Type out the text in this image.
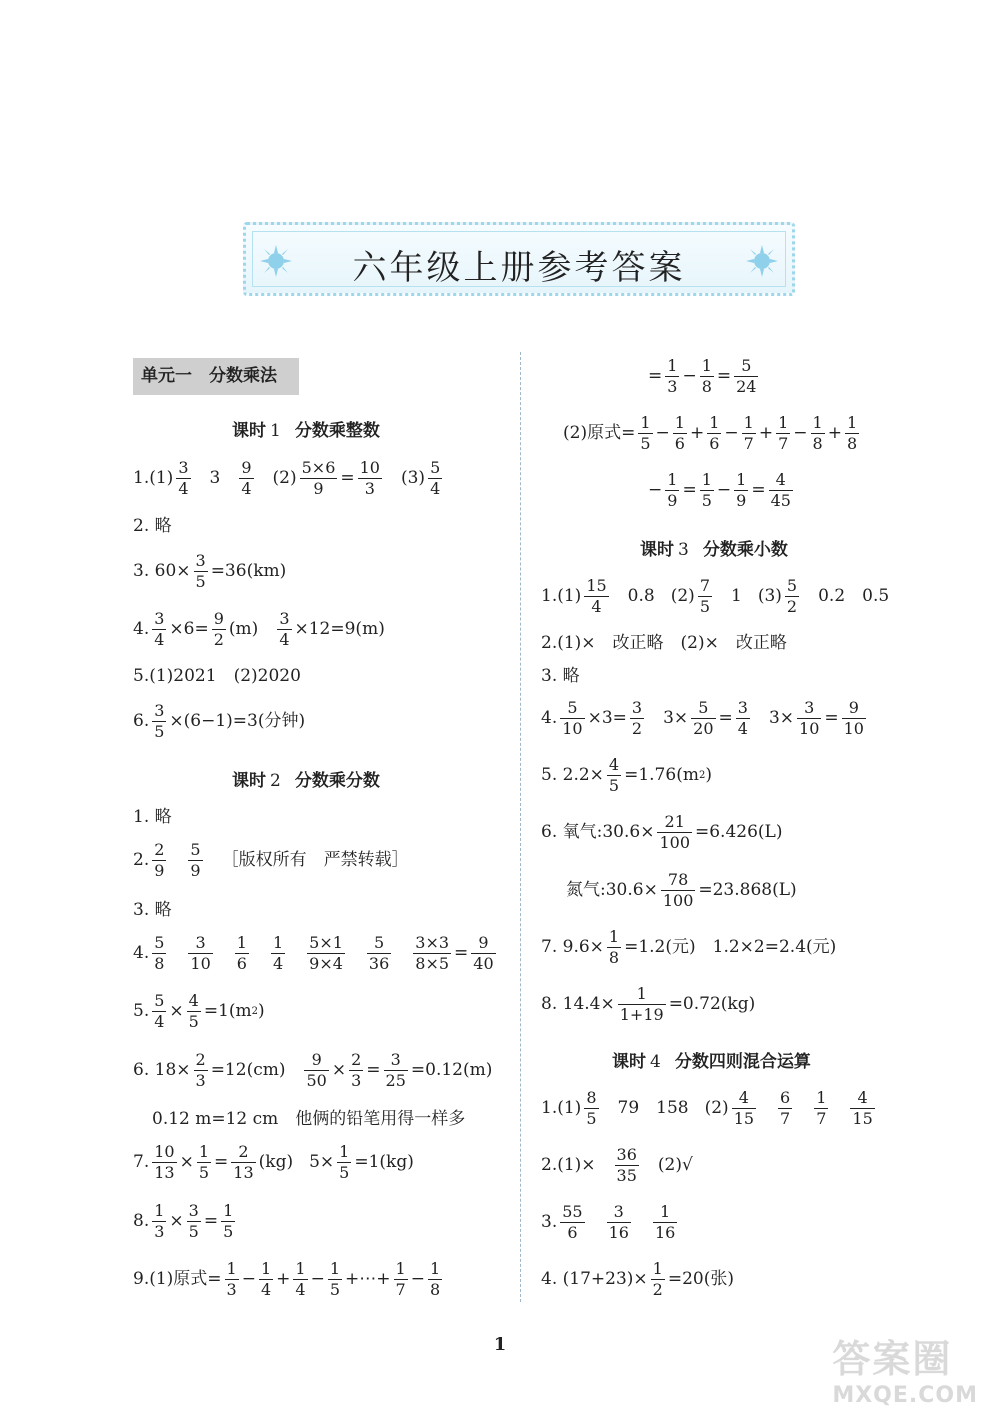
六年级上册参考答案
单元一　分数乘法
课时 1 分数乘整数
$1.(1) \frac{3}{4} 3 \frac{9}{4} (2) \frac{5\times 6}{9} = \frac{10}{3} (3) \frac{5}{4}$
2. 略
3. $60\times \frac{3}{5} =36(km)$
4. $\frac{3}{4} \times 6= \frac{9}{2} (m) \frac{3}{4} \times 12=9(m)$
5.(1)2021　(2)2020
6. $\frac{3}{5} \times(6-1)=3$(分钟)
课时 2 分数乘分数
1. 略
2. $\frac{2}{9} \frac{5}{9}$ ［版权所有　严禁转载］
3. 略
4. $\frac{5}{8} \frac{3}{10} \frac{1}{6} \frac{1}{4} \frac{5\times 1}{9\times 4} \frac{5}{36} \frac{3\times 3}{8\times 5} = \frac{9}{40}$
5. $\frac{5}{4} \times \frac{4}{5} =1(m$ 2 )
6. $18\times \frac{2}{3} =12(cm) \frac{9}{50} \times \frac{2}{3} = \frac{3}{25} =0.12(m)$
0.12 m=12 cm　他俩的铅笔用得一样多
7. $\frac{10}{13} \times \frac{1}{5} = \frac{2}{13} (kg)$ $5\times \frac{1}{5} =1(kg)$
8. $\frac{1}{3} \times \frac{3}{5} = \frac{1}{5}$
9.(1)原式= $\frac{1}{3} - \frac{1}{4} + \frac{1}{4} - \frac{1}{5}$ +⋯+ $\frac{1}{7} - \frac{1}{8}$
= $\frac{1}{3} - \frac{1}{8} = \frac{5}{24}$
(2)原式= $\frac{1}{5} - \frac{1}{6} + \frac{1}{6} - \frac{1}{7} + \frac{1}{7} - \frac{1}{8} + \frac{1}{8}$
− $\frac{1}{9} = \frac{1}{5} - \frac{1}{9} = \frac{4}{45}$
课时 3 分数乘小数
$1.(1) \frac{15}{4} 0.8$ $(2) \frac{7}{5} 1$ $(3) \frac{5}{2} 0.2$　0.5
2.(1)×　改正略　(2)×　改正略
3. 略
4. $\frac{5}{10} \times 3= \frac{3}{2} 3\times \frac{5}{20} = \frac{3}{4} 3\times \frac{3}{10} = \frac{9}{10}$
5. $2.2\times \frac{4}{5} =1.76(m$ 2 )
6. 氧气:30.6× $\frac{21}{100} =6.426(L)$
氮气:30.6× $\frac{78}{100} =23.868(L)$
7. $9.6\times \frac{1}{8} =1.2$(元)　1.2×2=2.4(元)
8. $14.4\times \frac{1}{1+19} =0.72(kg)$
课时 4 分数四则混合运算
$1.(1) \frac{8}{5} 79$　158 $(2) \frac{4}{15} \frac{6}{7} \frac{1}{7} \frac{4}{15}$
$2.(1)\times \frac{36}{35} (2)√$
3. $\frac{55}{6} \frac{3}{16} \frac{1}{16}$
4. $(17+23)\times \frac{1}{2} =20$(张)
1	答案圈
MXQE.COM
